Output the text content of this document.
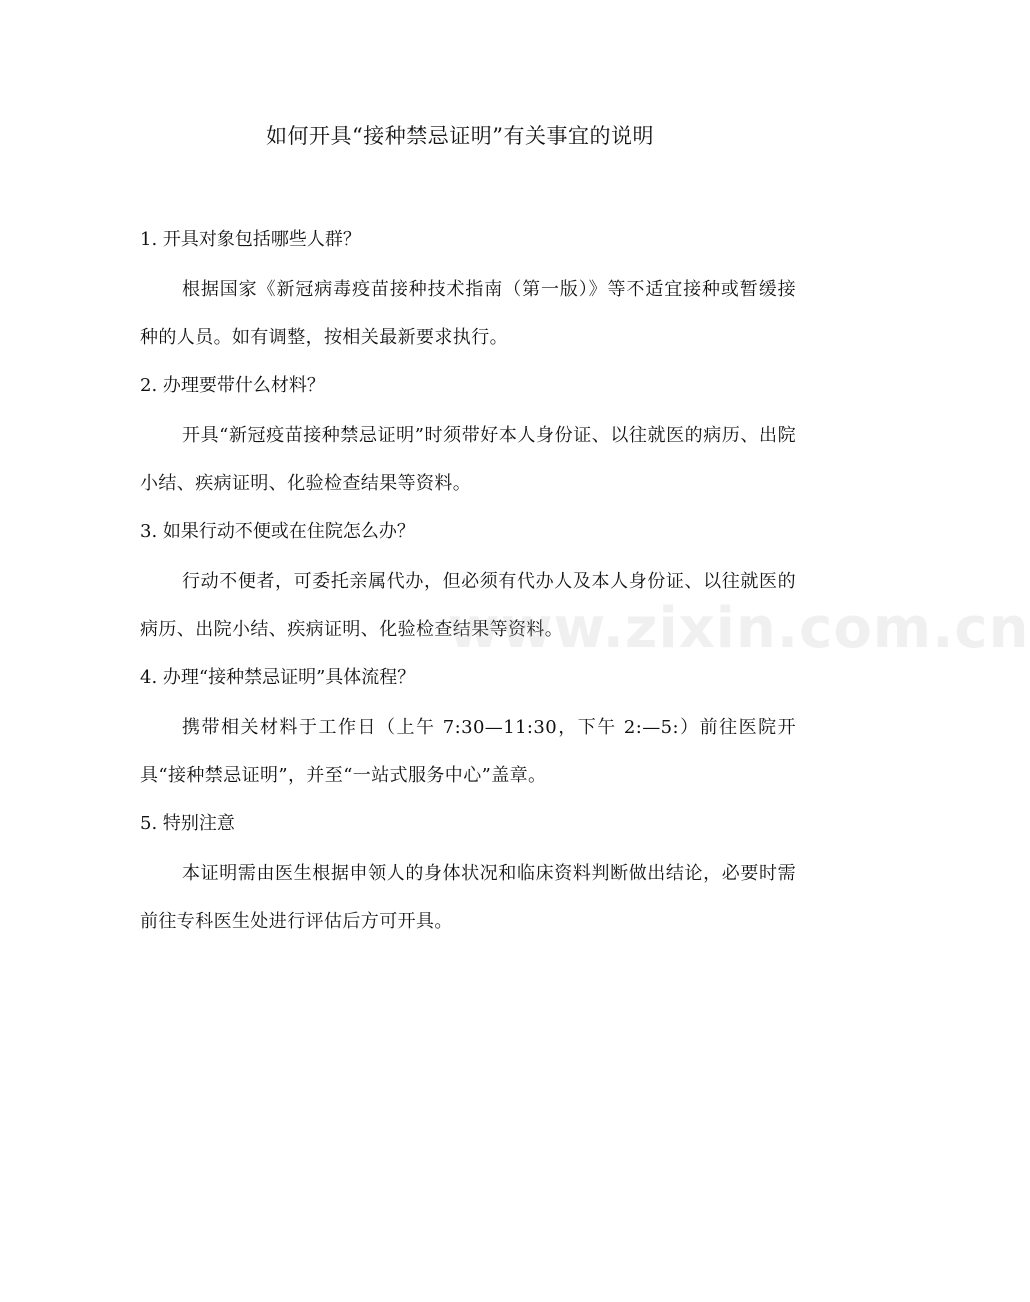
如何开具“接种禁忌证明”有关事宜的说明
1. 开具对象包括哪些人群？
根据国家《新冠病毒疫苗接种技术指南（第一版）》等不适宜接种或暂缓接种的人员。如有调整，按相关最新要求执行。
2. 办理要带什么材料？
开具“新冠疫苗接种禁忌证明”时须带好本人身份证、以往就医的病历、出院小结、疾病证明、化验检查结果等资料。
3. 如果行动不便或在住院怎么办？
行动不便者，可委托亲属代办，但必须有代办人及本人身份证、以往就医的病历、出院小结、疾病证明、化验检查结果等资料。
4. 办理“接种禁忌证明”具体流程？
携带相关材料于工作日（上午 7:30—11:30，下午 2:—5:）前往医院开具“接种禁忌证明”，并至“一站式服务中心”盖章。
5. 特别注意
本证明需由医生根据申领人的身体状况和临床资料判断做出结论，必要时需前往专科医生处进行评估后方可开具。
www.zixin.com.cn
